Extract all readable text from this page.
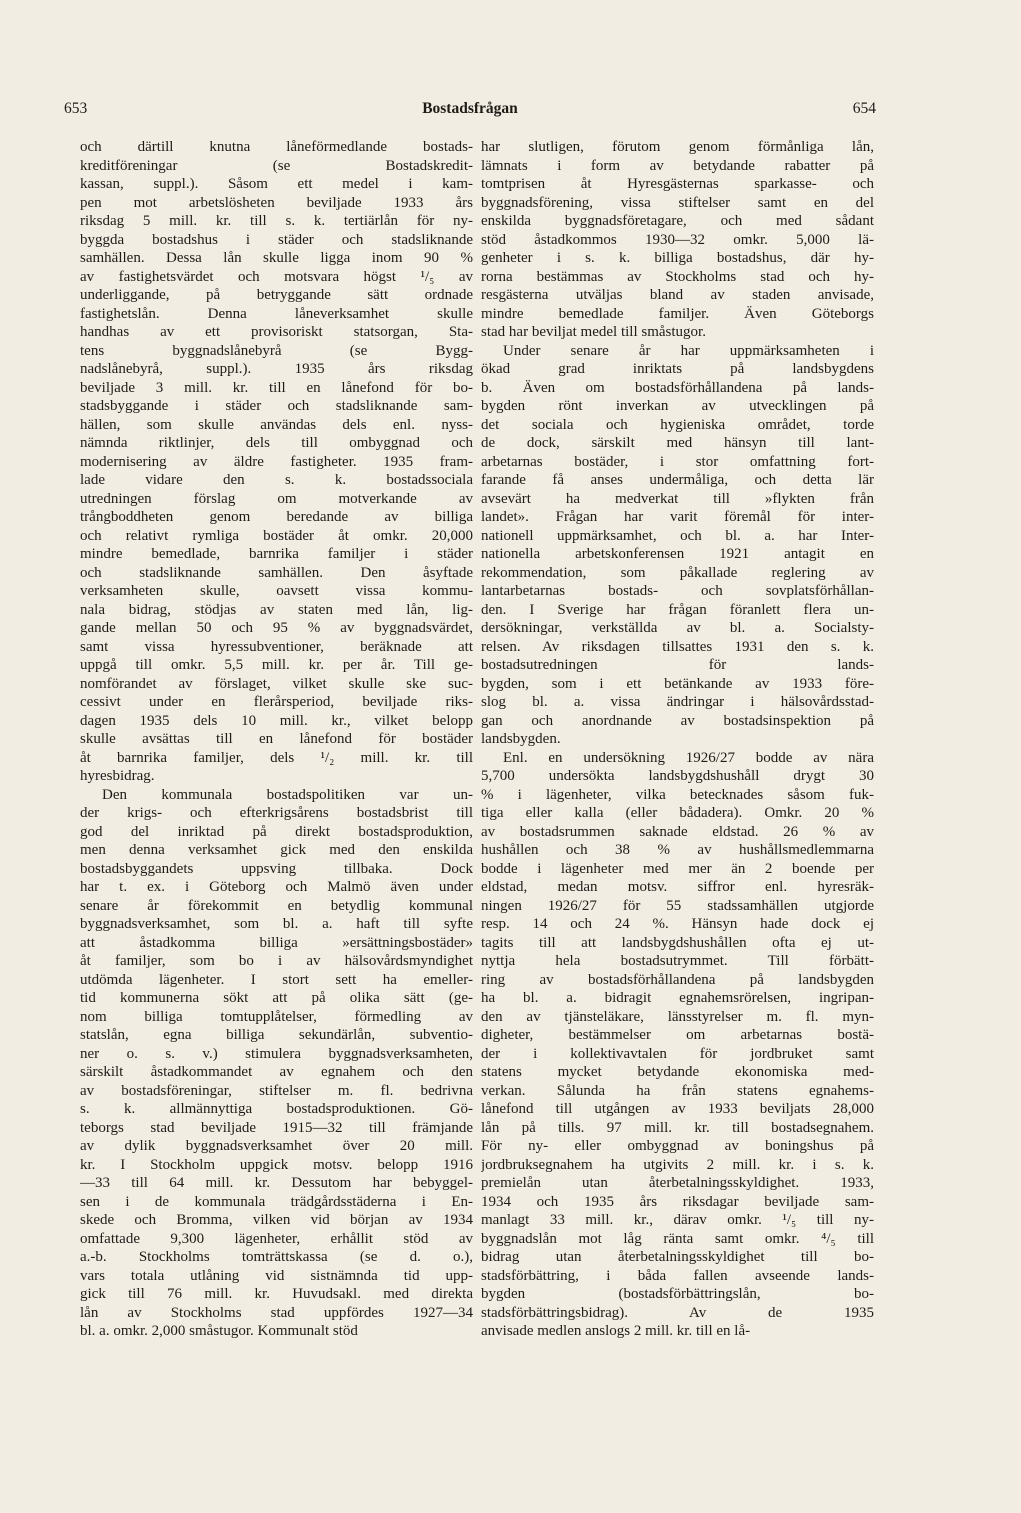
653	Bostadsfrågan	654
och därtill knutna låneförmedlande bostads-
kreditföreningar (se Bostadskredit-
kassan, suppl.). Såsom ett medel i kam-
pen mot arbetslösheten beviljade 1933 års
riksdag 5 mill. kr. till s. k. tertiärlån för ny-
byggda bostadshus i städer och stadsliknande
samhällen. Dessa lån skulle ligga inom 90 %
av fastighetsvärdet och motsvara högst ¹/₅ av
underliggande, på betryggande sätt ordnade
fastighetslån. Denna låneverksamhet skulle
handhas av ett provisoriskt statsorgan, Sta-
tens byggnadslånebyrå (se Bygg-
nadslånebyrå, suppl.). 1935 års riksdag
beviljade 3 mill. kr. till en lånefond för bo-
stadsbyggande i städer och stadsliknande sam-
hällen, som skulle användas dels enl. nyss-
nämnda riktlinjer, dels till ombyggnad och
modernisering av äldre fastigheter. 1935 fram-
lade vidare den s. k. bostadssociala
utredningen förslag om motverkande av
trångboddheten genom beredande av billiga
och relativt rymliga bostäder åt omkr. 20,000
mindre bemedlade, barnrika familjer i städer
och stadsliknande samhällen. Den åsyftade
verksamheten skulle, oavsett vissa kommu-
nala bidrag, stödjas av staten med lån, lig-
gande mellan 50 och 95 % av byggnadsvärdet,
samt vissa hyressubventioner, beräknade att
uppgå till omkr. 5,5 mill. kr. per år. Till ge-
nomförandet av förslaget, vilket skulle ske suc-
cessivt under en flerårsperiod, beviljade riks-
dagen 1935 dels 10 mill. kr., vilket belopp
skulle avsättas till en lånefond för bostäder
åt barnrika familjer, dels ¹/₂ mill. kr. till
hyresbidrag.
Den kommunala bostadspolitiken var un-
der krigs- och efterkrigsårens bostadsbrist till
god del inriktad på direkt bostadsproduktion,
men denna verksamhet gick med den enskilda
bostadsbyggandets uppsving tillbaka. Dock
har t. ex. i Göteborg och Malmö även under
senare år förekommit en betydlig kommunal
byggnadsverksamhet, som bl. a. haft till syfte
att åstadkomma billiga »ersättningsbostäder»
åt familjer, som bo i av hälsovårdsmyndighet
utdömda lägenheter. I stort sett ha emeller-
tid kommunerna sökt att på olika sätt (ge-
nom billiga tomtupplåtelser, förmedling av
statslån, egna billiga sekundärlån, subventio-
ner o. s. v.) stimulera byggnadsverksamheten,
särskilt åstadkommandet av egnahem och den
av bostadsföreningar, stiftelser m. fl. bedrivna
s. k. allmännyttiga bostadsproduktionen. Gö-
teborgs stad beviljade 1915—32 till främjande
av dylik byggnadsverksamhet över 20 mill.
kr. I Stockholm uppgick motsv. belopp 1916
—33 till 64 mill. kr. Dessutom har bebyggel-
sen i de kommunala trädgårdsstäderna i En-
skede och Bromma, vilken vid början av 1934
omfattade 9,300 lägenheter, erhållit stöd av
a.-b. Stockholms tomträttskassa (se d. o.),
vars totala utlåning vid sistnämnda tid upp-
gick till 76 mill. kr. Huvudsakl. med direkta
lån av Stockholms stad uppfördes 1927—34
bl. a. omkr. 2,000 småstugor. Kommunalt stöd
har slutligen, förutom genom förmånliga lån,
lämnats i form av betydande rabatter på
tomtprisen åt Hyresgästernas sparkasse- och
byggnadsförening, vissa stiftelser samt en del
enskilda byggnadsföretagare, och med sådant
stöd åstadkommos 1930—32 omkr. 5,000 lä-
genheter i s. k. billiga bostadshus, där hy-
rorna bestämmas av Stockholms stad och hy-
resgästerna utväljas bland av staden anvisade,
mindre bemedlade familjer. Även Göteborgs
stad har beviljat medel till småstugor.
Under senare år har uppmärksamheten i
ökad grad inriktats på landsbygdens
b. Även om bostadsförhållandena på lands-
bygden rönt inverkan av utvecklingen på
det sociala och hygieniska området, torde
de dock, särskilt med hänsyn till lant-
arbetarnas bostäder, i stor omfattning fort-
farande få anses undermåliga, och detta lär
avsevärt ha medverkat till »flykten från
landet». Frågan har varit föremål för inter-
nationell uppmärksamhet, och bl. a. har Inter-
nationella arbetskonferensen 1921 antagit en
rekommendation, som påkallade reglering av
lantarbetarnas bostads- och sovplatsförhållan-
den. I Sverige har frågan föranlett flera un-
dersökningar, verkställda av bl. a. Socialsty-
relsen. Av riksdagen tillsattes 1931 den s. k.
bostadsutredningen för lands-
bygden, som i ett betänkande av 1933 före-
slog bl. a. vissa ändringar i hälsovårdsstad-
gan och anordnande av bostadsinspektion på
landsbygden.
Enl. en undersökning 1926/27 bodde av nära
5,700 undersökta landsbygdshushåll drygt 30
% i lägenheter, vilka betecknades såsom fuk-
tiga eller kalla (eller bådadera). Omkr. 20 %
av bostadsrummen saknade eldstad. 26 % av
hushållen och 38 % av hushållsmedlemmarna
bodde i lägenheter med mer än 2 boende per
eldstad, medan motsv. siffror enl. hyresräk-
ningen 1926/27 för 55 stadssamhällen utgjorde
resp. 14 och 24 %. Hänsyn hade dock ej
tagits till att landsbygdshushållen ofta ej ut-
nyttja hela bostadsutrymmet. Till förbätt-
ring av bostadsförhållandena på landsbygden
ha bl. a. bidragit egnahemsrörelsen, ingripan-
den av tjänsteläkare, länsstyrelser m. fl. myn-
digheter, bestämmelser om arbetarnas bostä-
der i kollektivavtalen för jordbruket samt
statens mycket betydande ekonomiska med-
verkan. Sålunda ha från statens egnahems-
lånefond till utgången av 1933 beviljats 28,000
lån på tills. 97 mill. kr. till bostadsegnahem.
För ny- eller ombyggnad av boningshus på
jordbruksegnahem ha utgivits 2 mill. kr. i s. k.
premielån utan återbetalningsskyldighet. 1933,
1934 och 1935 års riksdagar beviljade sam-
manlagt 33 mill. kr., därav omkr. ¹/₅ till ny-
byggnadslån mot låg ränta samt omkr. ⁴/₅ till
bidrag utan återbetalningsskyldighet till bo-
stadsförbättring, i båda fallen avseende lands-
bygden (bostadsförbättringslån, bo-
stadsförbättringsbidrag). Av de 1935
anvisade medlen anslogs 2 mill. kr. till en lå-
